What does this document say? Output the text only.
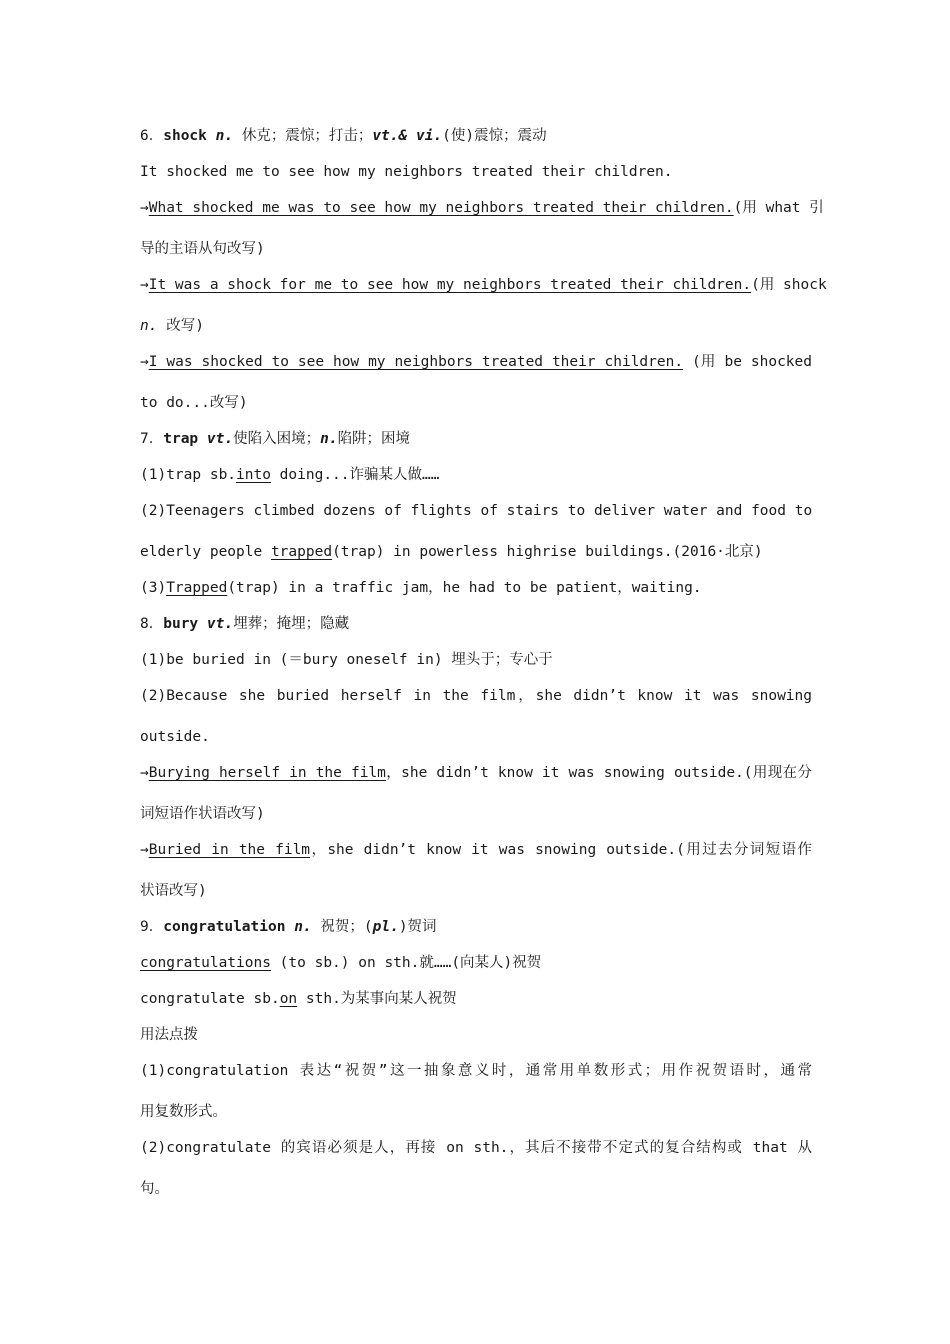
6．shock n. 休克；震惊；打击；vt.& vi.(使)震惊；震动
It shocked me to see how my neighbors treated their children.
→What shocked me was to see how my neighbors treated their children.(用 what 引
导的主语从句改写)
→It was a shock for me to see how my neighbors treated their children.(用 shock
n. 改写)
→I was shocked to see how my neighbors treated their children. (用 be shocked
to do...改写)
7．trap vt.使陷入困境；n.陷阱；困境
(1)trap sb.into doing...诈骗某人做……
(2)Teenagers climbed dozens of flights of stairs to deliver water and food to
elderly people trapped(trap) in powerless highrise buildings.(2016·北京)
(3)Trapped(trap) in a traffic jam，he had to be patient，waiting.
8．bury vt.埋葬；掩埋；隐藏
(1)be buried in (＝bury oneself in) 埋头于；专心于
(2)Because she buried herself in the film，she didn’t know it was snowing
outside.
→Burying herself in the film，she didn’t know it was snowing outside.(用现在分
词短语作状语改写)
→Buried in the film，she didn’t know it was snowing outside.(用过去分词短语作
状语改写)
9．congratulation n. 祝贺；(pl.)贺词
congratulations (to sb.) on sth.就……(向某人)祝贺
congratulate sb.on sth.为某事向某人祝贺
用法点拨
(1)congratulation 表达“祝贺”这一抽象意义时，通常用单数形式；用作祝贺语时，通常
用复数形式。
(2)congratulate 的宾语必须是人，再接 on sth.，其后不接带不定式的复合结构或 that 从
句。
